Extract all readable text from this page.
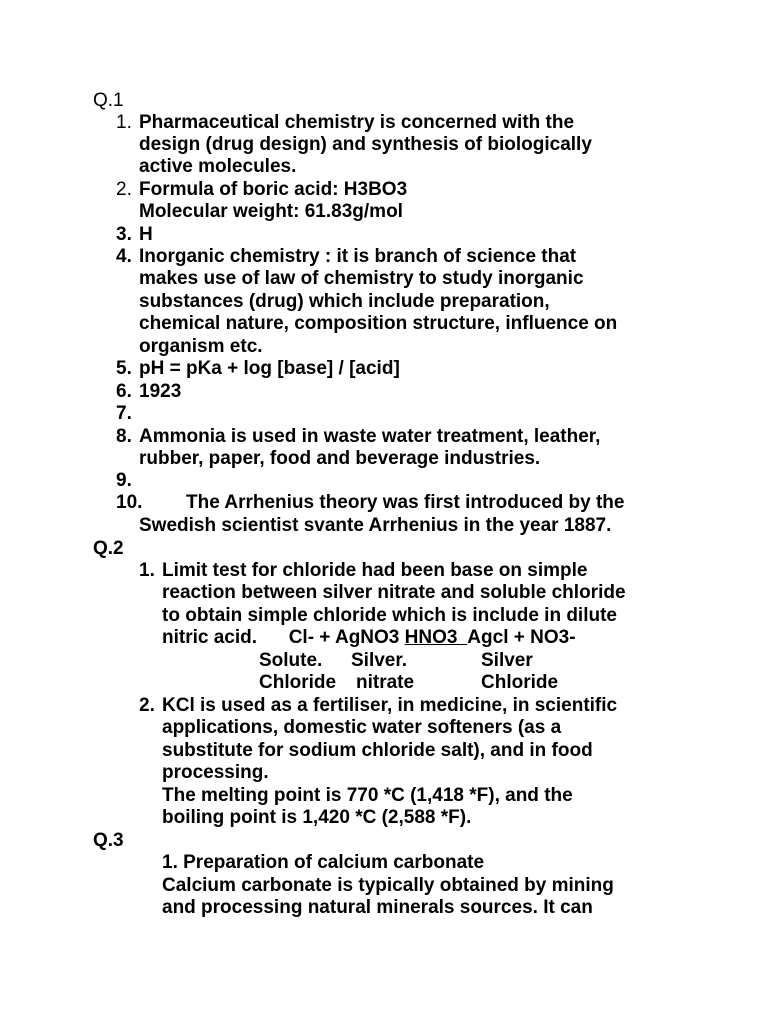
Q.1
1. Pharmaceutical chemistry is concerned with the
design (drug design) and synthesis of biologically
active molecules.
2. Formula of boric acid: H3BO3
Molecular weight: 61.83g/mol
3. H
4. Inorganic chemistry : it is branch of science that
makes use of law of chemistry to study inorganic
substances (drug) which include preparation,
chemical nature, composition structure, influence on
organism etc.
5. pH = pKa + log [base] / [acid]
6. 1923
7.
8. Ammonia is used in waste water treatment, leather,
rubber, paper, food and beverage industries.
9.
10. The Arrhenius theory was first introduced by the
Swedish scientist svante Arrhenius in the year 1887.
Q.2
1. Limit test for chloride had been base on simple
reaction between silver nitrate and soluble chloride
to obtain simple chloride which is include in dilute
nitric acid.      Cl- + AgNO3 HNO3  Agcl + NO3-
Solute. Silver.	Silver
Chloride nitrate	Chloride
2. KCl is used as a fertiliser, in medicine, in scientific
applications, domestic water softeners (as a
substitute for sodium chloride salt), and in food
processing.
The melting point is 770 *C (1,418 *F), and the
boiling point is 1,420 *C (2,588 *F).
Q.3
1. Preparation of calcium carbonate
Calcium carbonate is typically obtained by mining
and processing natural minerals sources. It can
